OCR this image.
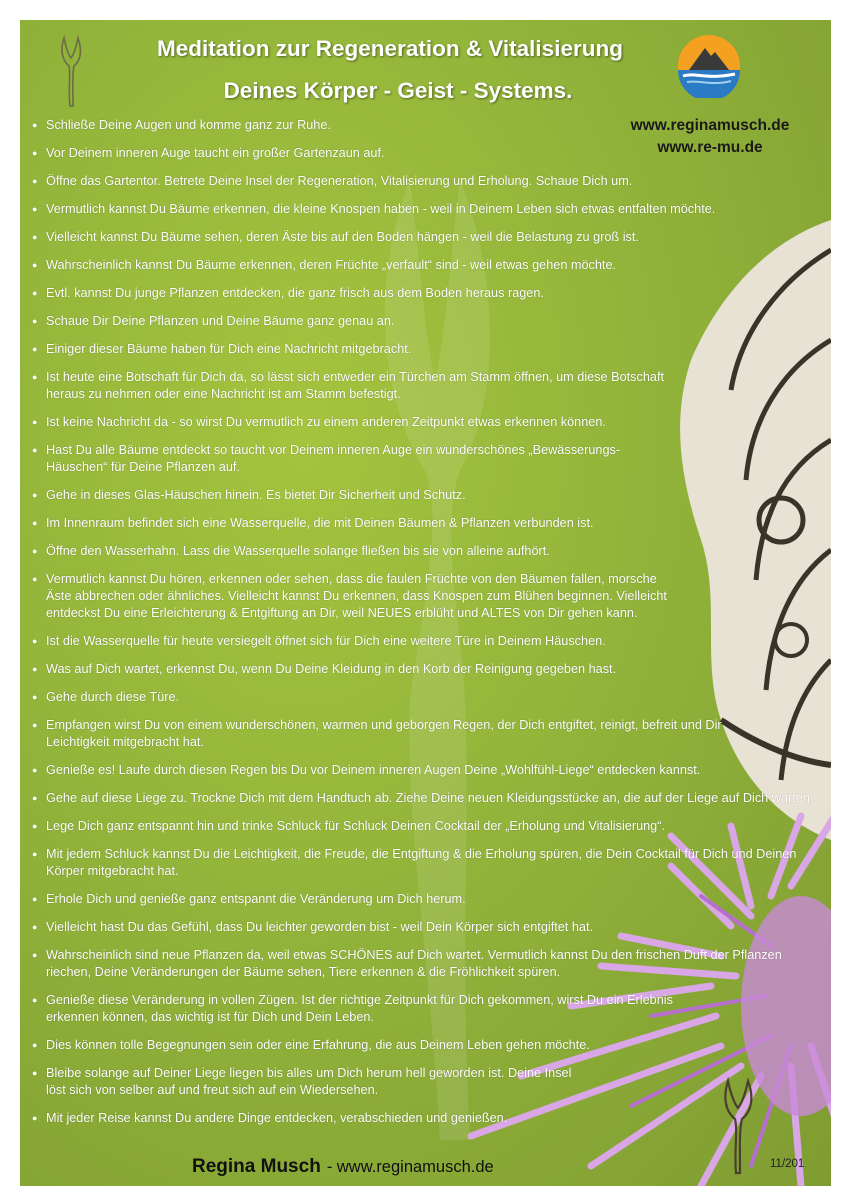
Meditation zur Regeneration & Vitalisierung
Deines Körper - Geist - Systems.
www.reginamusch.de
www.re-mu.de
● Schließe Deine Augen und komme ganz zur Ruhe.
● Vor Deinem inneren Auge taucht ein großer Gartenzaun auf.
● Öffne das Gartentor. Betrete Deine Insel der Regeneration, Vitalisierung und Erholung. Schaue Dich um.
● Vermutlich kannst Du Bäume erkennen, die kleine Knospen haben - weil in Deinem Leben sich etwas entfalten möchte.
● Vielleicht kannst Du Bäume sehen, deren Äste bis auf den Boden hängen - weil die Belastung zu groß ist.
● Wahrscheinlich kannst Du Bäume erkennen, deren Früchte „verfault“ sind - weil etwas gehen möchte.
● Evtl. kannst Du junge Pflanzen entdecken, die ganz frisch aus dem Boden heraus ragen.
● Schaue Dir Deine Pflanzen und Deine Bäume ganz genau an.
● Einiger dieser Bäume haben für Dich eine Nachricht mitgebracht.
● Ist heute eine Botschaft für Dich da, so lässt sich entweder ein Türchen am Stamm öffnen, um diese Botschaft heraus zu nehmen oder eine Nachricht ist am Stamm befestigt.
● Ist keine Nachricht da - so wirst Du vermutlich zu einem anderen Zeitpunkt etwas erkennen können.
● Hast Du alle Bäume entdeckt so taucht vor Deinem inneren Auge ein wunderschönes „Bewässerungs-Häuschen“ für Deine Pflanzen auf.
● Gehe in dieses Glas-Häuschen hinein. Es bietet Dir Sicherheit und Schutz.
● Im Innenraum befindet sich eine Wasserquelle, die mit Deinen Bäumen & Pflanzen verbunden ist.
● Öffne den Wasserhahn. Lass die Wasserquelle solange fließen bis sie von alleine aufhört.
● Vermutlich kannst Du hören, erkennen oder sehen, dass die faulen Früchte von den Bäumen fallen, morsche Äste abbrechen oder ähnliches. Vielleicht kannst Du erkennen, dass Knospen zum Blühen beginnen. Vielleicht entdeckst Du eine Erleichterung & Entgiftung an Dir, weil NEUES erblüht und ALTES von Dir gehen kann.
● Ist die Wasserquelle für heute versiegelt öffnet sich für Dich eine weitere Türe in Deinem Häuschen.
● Was auf Dich wartet, erkennst Du, wenn Du Deine Kleidung in den Korb der Reinigung gegeben hast.
● Gehe durch diese Türe.
● Empfangen wirst Du von einem wunderschönen, warmen und geborgen Regen, der Dich entgiftet, reinigt, befreit und Dir Leichtigkeit mitgebracht hat.
● Genieße es! Laufe durch diesen Regen bis Du vor Deinem inneren Augen Deine „Wohlfühl-Liege“ entdecken kannst.
● Gehe auf diese Liege zu. Trockne Dich mit dem Handtuch ab. Ziehe Deine neuen Kleidungsstücke an, die auf der Liege auf Dich warten.
● Lege Dich ganz entspannt hin und trinke Schluck für Schluck Deinen Cocktail der „Erholung und Vitalisierung“.
● Mit jedem Schluck kannst Du die Leichtigkeit, die Freude, die Entgiftung & die Erholung spüren, die Dein Cocktail für Dich und Deinen Körper mitgebracht hat.
● Erhole Dich und genieße ganz entspannt die Veränderung um Dich herum.
● Vielleicht hast Du das Gefühl, dass Du leichter geworden bist - weil Dein Körper sich entgiftet hat.
● Wahrscheinlich sind neue Pflanzen da, weil etwas SCHÖNES auf Dich wartet. Vermutlich kannst Du den frischen Duft der Pflanzen riechen, Deine Veränderungen der Bäume sehen, Tiere erkennen & die Fröhlichkeit spüren.
● Genieße diese Veränderung in vollen Zügen. Ist der richtige Zeitpunkt für Dich gekommen, wirst Du ein Erlebnis erkennen können, das wichtig ist für Dich und Dein Leben.
● Dies können tolle Begegnungen sein oder eine Erfahrung, die aus Deinem Leben gehen möchte.
● Bleibe solange auf Deiner Liege liegen bis alles um Dich herum hell geworden ist. Deine Insel löst sich von selber auf und freut sich auf ein Wiedersehen.
● Mit jeder Reise kannst Du andere Dinge entdecken, verabschieden und genießen.
Regina Musch - www.reginamusch.de	11/201
